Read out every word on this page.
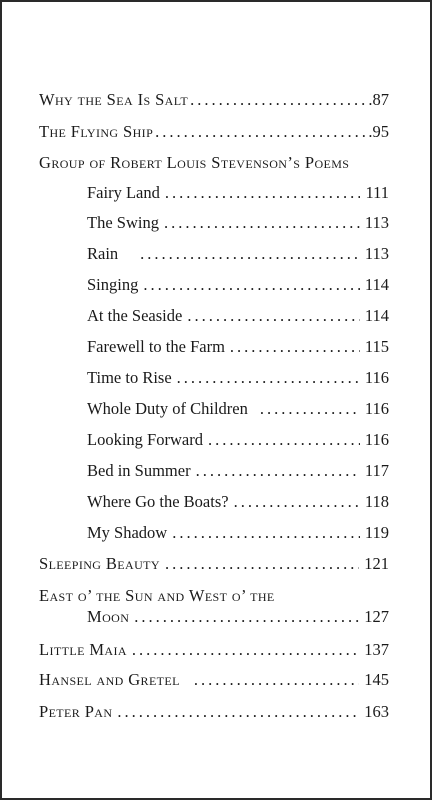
Why the Sea Is Salt .....	.87
The Flying Ship .....	.95
Group of Robert Louis Stevenson’s Poems
Fairy Land .....	111
The Swing .....	113
Rain .....	113
Singing .....	114
At the Seaside .....	114
Farewell to the Farm .....	115
Time to Rise .....	116
Whole Duty of Children .....	116
Looking Forward .....	116
Bed in Summer .....	117
Where Go the Boats? .....	118
My Shadow .....	119
Sleeping Beauty .....	121
East o’ the Sun and West o’ the
Moon .....	127
Little Maia .....	137
Hansel and Gretel .....	145
Peter Pan .....	163
